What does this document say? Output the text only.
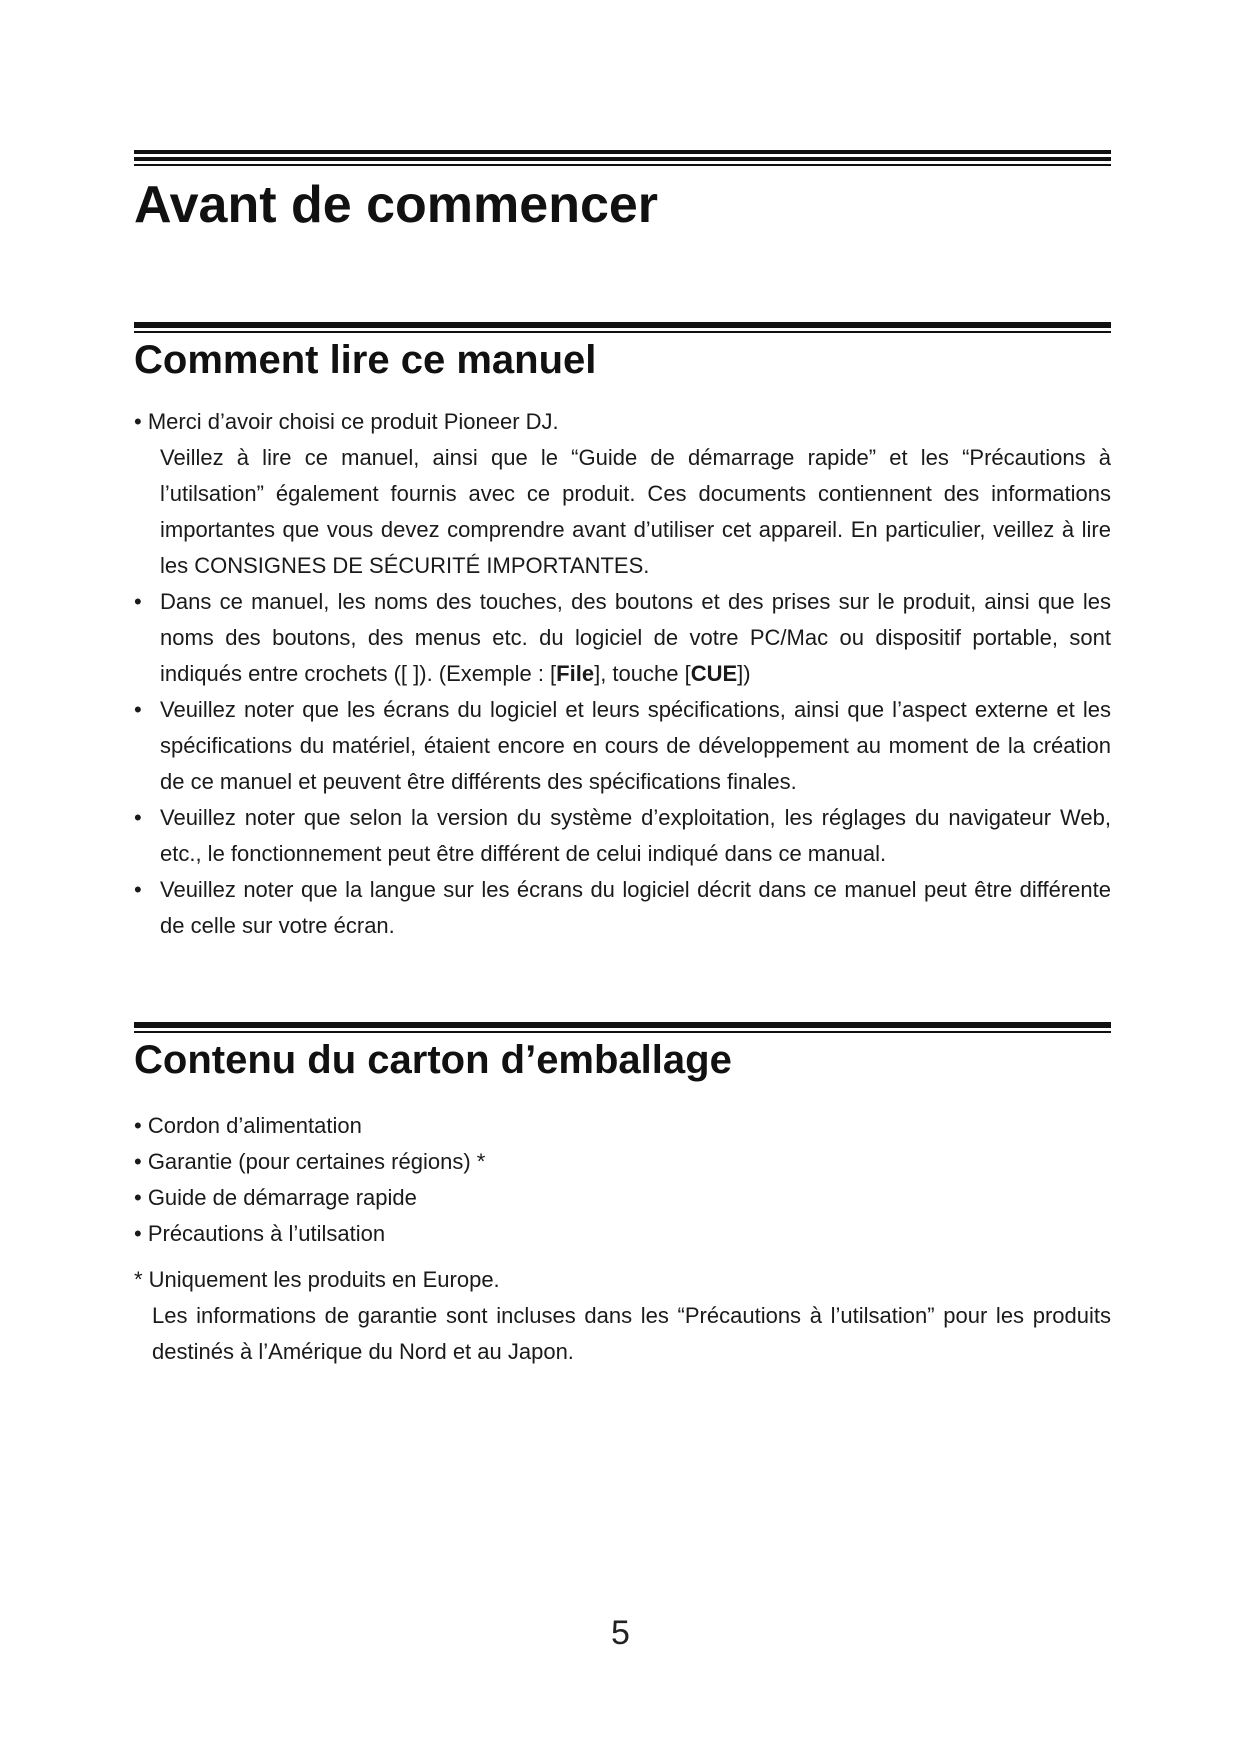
Avant de commencer
Comment lire ce manuel
• Merci d’avoir choisi ce produit Pioneer DJ.
Veillez à lire ce manuel, ainsi que le “Guide de démarrage rapide” et les “Précautions à l’utilsation” également fournis avec ce produit. Ces documents contiennent des informations importantes que vous devez comprendre avant d’utiliser cet appareil. En particulier, veillez à lire les CONSIGNES DE SÉCURITÉ IMPORTANTES.
• Dans ce manuel, les noms des touches, des boutons et des prises sur le produit, ainsi que les noms des boutons, des menus etc. du logiciel de votre PC/Mac ou dispositif portable, sont indiqués entre crochets ([ ]). (Exemple : [File], touche [CUE])
• Veuillez noter que les écrans du logiciel et leurs spécifications, ainsi que l’aspect externe et les spécifications du matériel, étaient encore en cours de développement au moment de la création de ce manuel et peuvent être différents des spécifications finales.
• Veuillez noter que selon la version du système d’exploitation, les réglages du navigateur Web, etc., le fonctionnement peut être différent de celui indiqué dans ce manual.
• Veuillez noter que la langue sur les écrans du logiciel décrit dans ce manuel peut être différente de celle sur votre écran.
Contenu du carton d’emballage
• Cordon d’alimentation
• Garantie (pour certaines régions) *
• Guide de démarrage rapide
• Précautions à l’utilsation
* Uniquement les produits en Europe.
Les informations de garantie sont incluses dans les “Précautions à l’utilsation” pour les produits destinés à l’Amérique du Nord et au Japon.
5
